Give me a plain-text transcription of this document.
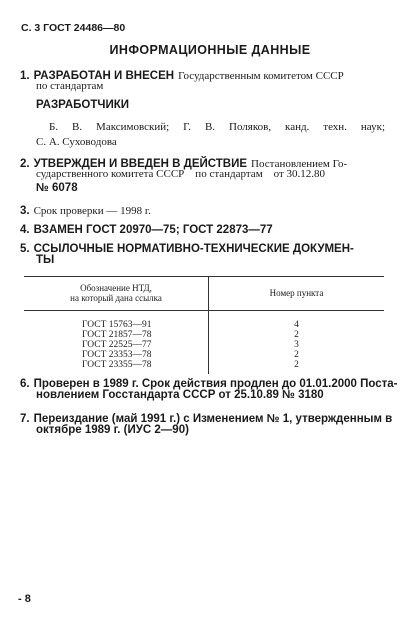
С. 3 ГОСТ 24486—80
ИНФОРМАЦИОННЫЕ ДАННЫЕ
1. РАЗРАБОТАН И ВНЕСЕН Государственным комитетом СССР
по стандартам
РАЗРАБОТЧИКИ
Б. В. Максимовский; Г. В. Поляков, канд. техн. наук;
С. А. Суховодова
2. УТВЕРЖДЕН И ВВЕДЕН В ДЕЙСТВИЕ Постановлением Го-
сударственного комитета СССР    по стандартам    от 30.12.80
№ 6078
3. Срок проверки — 1998 г.
4. ВЗАМЕН ГОСТ 20970—75; ГОСТ 22873—77
5. ССЫЛОЧНЫЕ НОРМАТИВНО-ТЕХНИЧЕСКИЕ ДОКУМЕН-
ТЫ
Обозначение НТД,
на который дана ссылка	Номер пункта

ГОСТ 15763—91	4
ГОСТ 21857—78	2
ГОСТ 22525—77	3
ГОСТ 23353—78	2
ГОСТ 23355—78	2
6. Проверен в 1989 г. Срок действия продлен до 01.01.2000 Поста-
новлением Госстандарта СССР от 25.10.89 № 3180
7. Переиздание (май 1991 г.) с Изменением № 1, утвержденным в
октябре 1989 г. (ИУС 2—90)
- 8
